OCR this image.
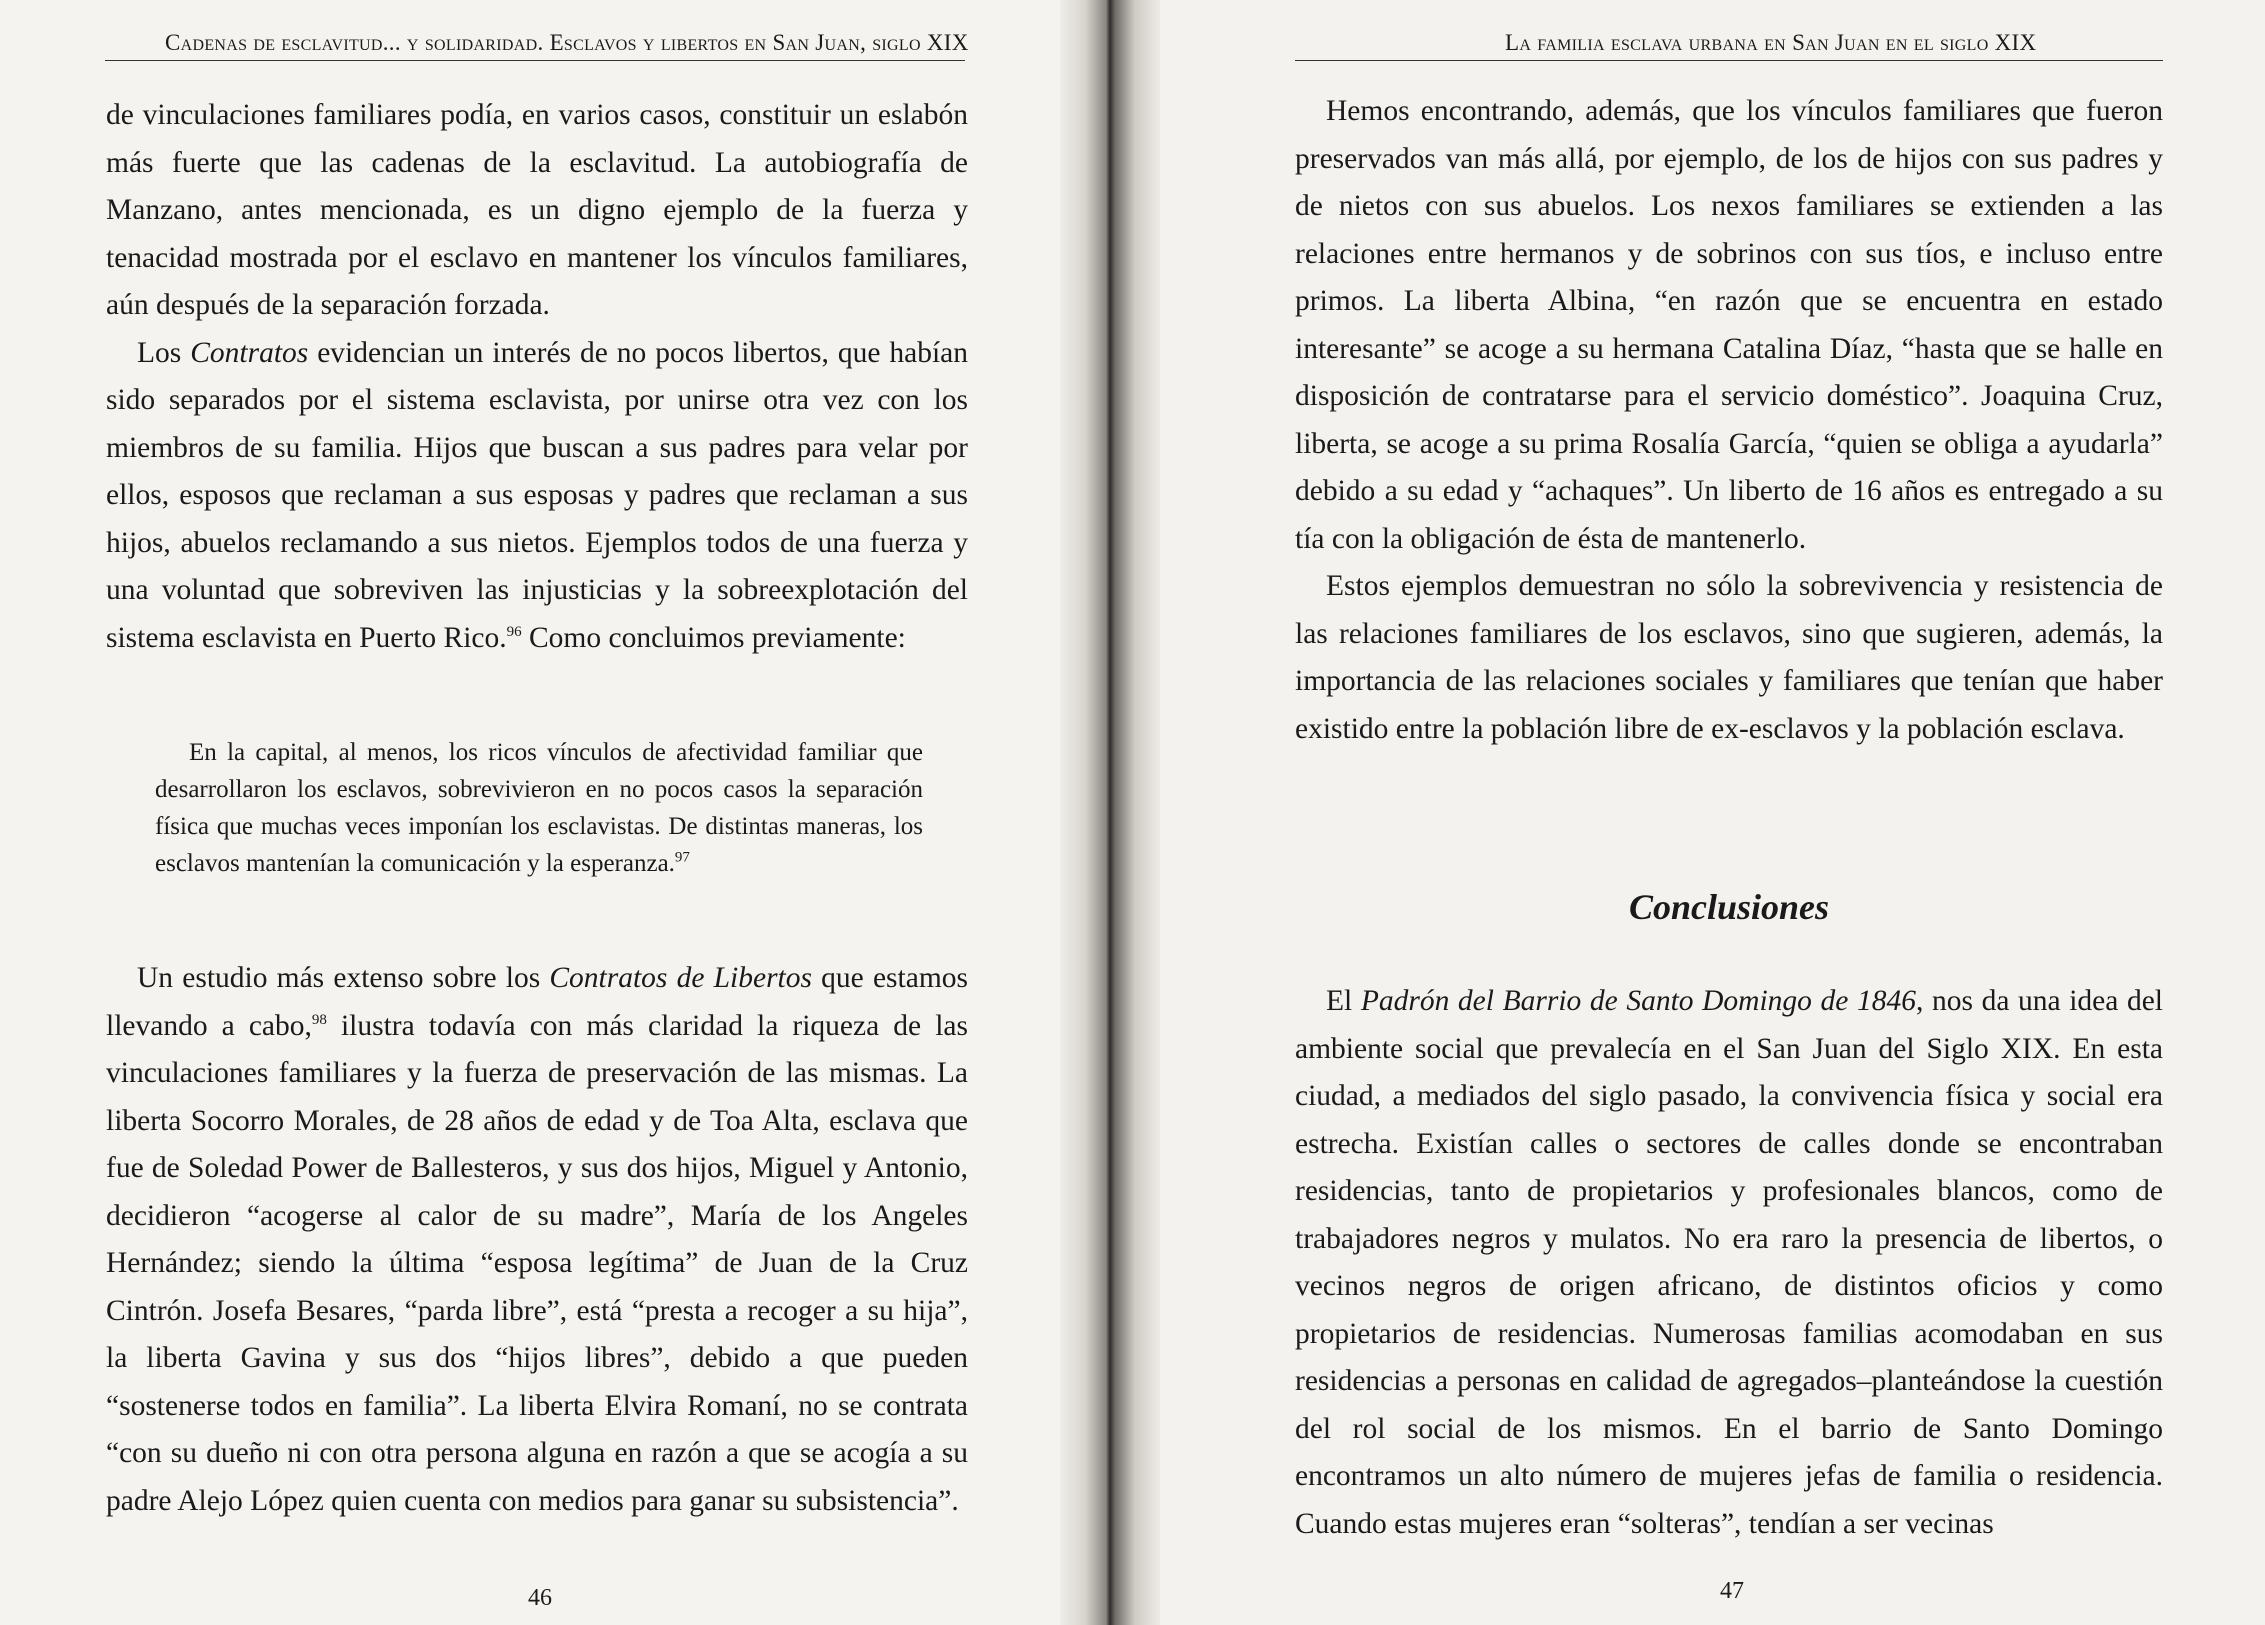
Cadenas de esclavitud... y solidaridad. Esclavos y libertos en San Juan, siglo XIX

de vinculaciones familiares podía, en varios casos, constituir un eslabón más fuerte que las cadenas de la esclavitud. La autobiografía de Manzano, antes mencionada, es un digno ejemplo de la fuerza y tenacidad mostrada por el esclavo en mantener los vínculos familiares, aún después de la separación forzada.

Los Contratos evidencian un interés de no pocos libertos, que habían sido separados por el sistema esclavista, por unirse otra vez con los miembros de su familia. Hijos que buscan a sus padres para velar por ellos, esposos que reclaman a sus esposas y padres que reclaman a sus hijos, abuelos reclamando a sus nietos. Ejemplos todos de una fuerza y una voluntad que sobreviven las injusticias y la sobreexplotación del sistema esclavista en Puerto Rico.$^{96}$ Como concluimos previamente:

En la capital, al menos, los ricos vínculos de afectividad familiar que desarrollaron los esclavos, sobrevivieron en no pocos casos la separación física que muchas veces imponían los esclavistas. De distintas maneras, los esclavos mantenían la comunicación y la esperanza.$^{97}$

Un estudio más extenso sobre los Contratos de Libertos que estamos llevando a cabo,$^{98}$ ilustra todavía con más claridad la riqueza de las vinculaciones familiares y la fuerza de preservación de las mismas. La liberta Socorro Morales, de 28 años de edad y de Toa Alta, esclava que fue de Soledad Power de Ballesteros, y sus dos hijos, Miguel y Antonio, decidieron “acogerse al calor de su madre”, María de los Angeles Hernández; siendo la última “esposa legítima” de Juan de la Cruz Cintrón. Josefa Besares, “parda libre”, está “presta a recoger a su hija”, la liberta Gavina y sus dos “hijos libres”, debido a que pueden “sostenerse todos en familia”. La liberta Elvira Romaní, no se contrata “con su dueño ni con otra persona alguna en razón a que se acogía a su padre Alejo López quien cuenta con medios para ganar su subsistencia”.

46
La familia esclava urbana en San Juan en el siglo XIX

Hemos encontrando, además, que los vínculos familiares que fueron preservados van más allá, por ejemplo, de los de hijos con sus padres y de nietos con sus abuelos. Los nexos familiares se extienden a las relaciones entre hermanos y de sobrinos con sus tíos, e incluso entre primos. La liberta Albina, “en razón que se encuentra en estado interesante” se acoge a su hermana Catalina Díaz, “hasta que se halle en disposición de contratarse para el servicio doméstico”. Joaquina Cruz, liberta, se acoge a su prima Rosalía García, “quien se obliga a ayudarla” debido a su edad y “achaques”. Un liberto de 16 años es entregado a su tía con la obligación de ésta de mantenerlo.

Estos ejemplos demuestran no sólo la sobrevivencia y resistencia de las relaciones familiares de los esclavos, sino que sugieren, además, la importancia de las relaciones sociales y familiares que tenían que haber existido entre la población libre de ex-esclavos y la población esclava.

Conclusiones

El Padrón del Barrio de Santo Domingo de 1846, nos da una idea del ambiente social que prevalecía en el San Juan del Siglo XIX. En esta ciudad, a mediados del siglo pasado, la convivencia física y social era estrecha. Existían calles o sectores de calles donde se encontraban residencias, tanto de propietarios y profesionales blancos, como de trabajadores negros y mulatos. No era raro la presencia de libertos, o vecinos negros de origen africano, de distintos oficios y como propietarios de residencias. Numerosas familias acomodaban en sus residencias a personas en calidad de agregados–planteándose la cuestión del rol social de los mismos. En el barrio de Santo Domingo encontramos un alto número de mujeres jefas de familia o residencia. Cuando estas mujeres eran “solteras”, tendían a ser vecinas

47
